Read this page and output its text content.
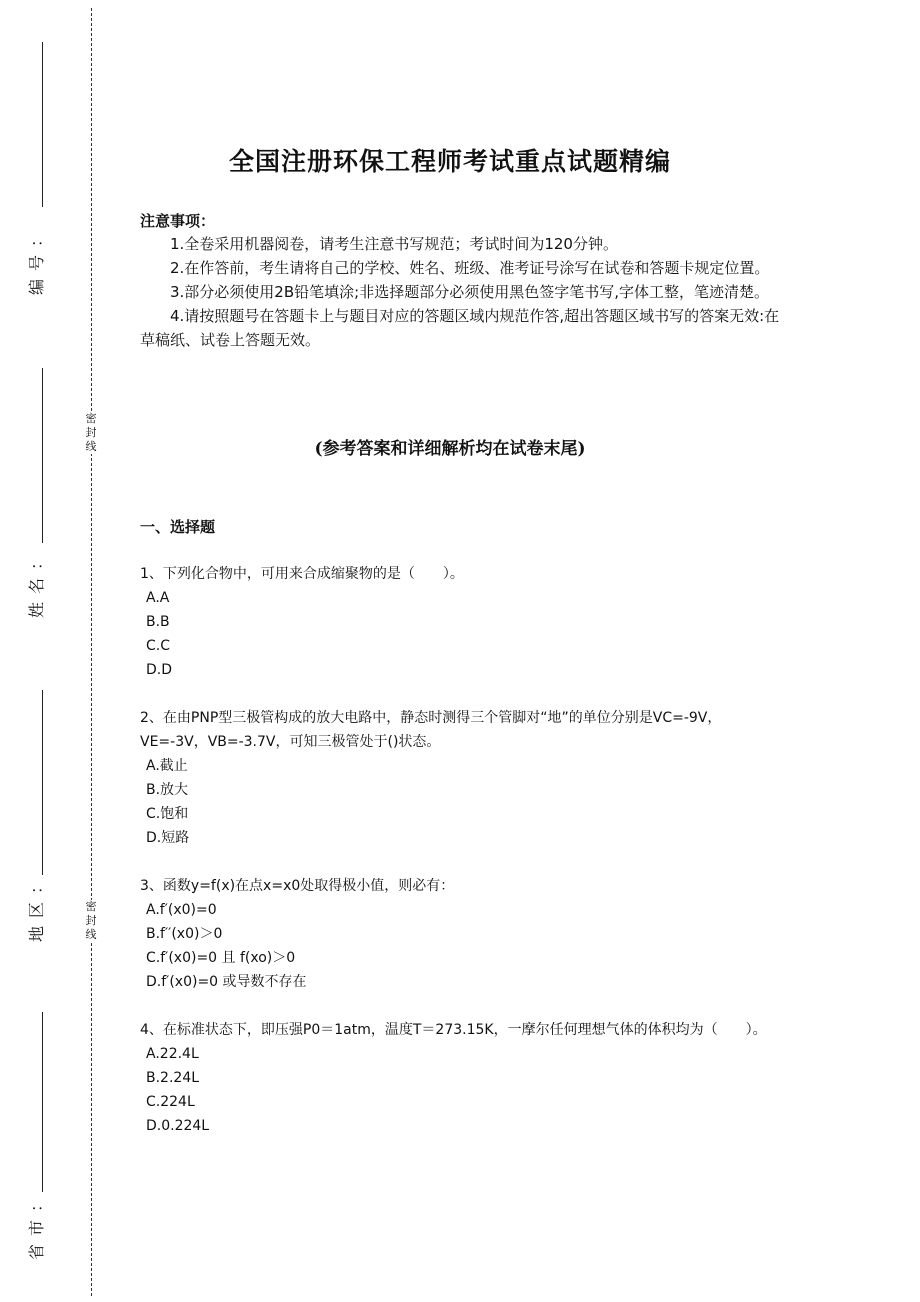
密
封
线
密
封
线
编号：
姓名：
地区：
省市：
全国注册环保工程师考试重点试题精编
注意事项：

1.全卷采用机器阅卷，请考生注意书写规范；考试时间为120分钟。

2.在作答前，考生请将自己的学校、姓名、班级、准考证号涂写在试卷和答题卡规定位置。

3.部分必须使用2B铅笔填涂;非选择题部分必须使用黑色签字笔书写,字体工整，笔迹清楚。

4.请按照题号在答题卡上与题目对应的答题区域内规范作答,超出答题区域书写的答案无效:在草稿纸、试卷上答题无效。

(参考答案和详细解析均在试卷末尾)
一、选择题
1、下列化合物中，可用来合成缩聚物的是（　　）。
A.A
B.B
C.C
D.D
2、在由PNP型三极管构成的放大电路中，静态时测得三个管脚对“地”的单位分别是VC=-9V，VE=-3V，VB=-3.7V，可知三极管处于()状态。
A.截止
B.放大
C.饱和
D.短路
3、函数y=f(x)在点x=x0处取得极小值，则必有：
A.f′(x0)=0
B.f′′(x0)＞0
C.f′(x0)=0 且 f(xo)＞0
D.f′(x0)=0 或导数不存在
4、在标准状态下，即压强P0＝1atm，温度T＝273.15K，一摩尔任何理想气体的体积均为（　　）。
A.22.4L
B.2.24L
C.224L
D.0.224L
